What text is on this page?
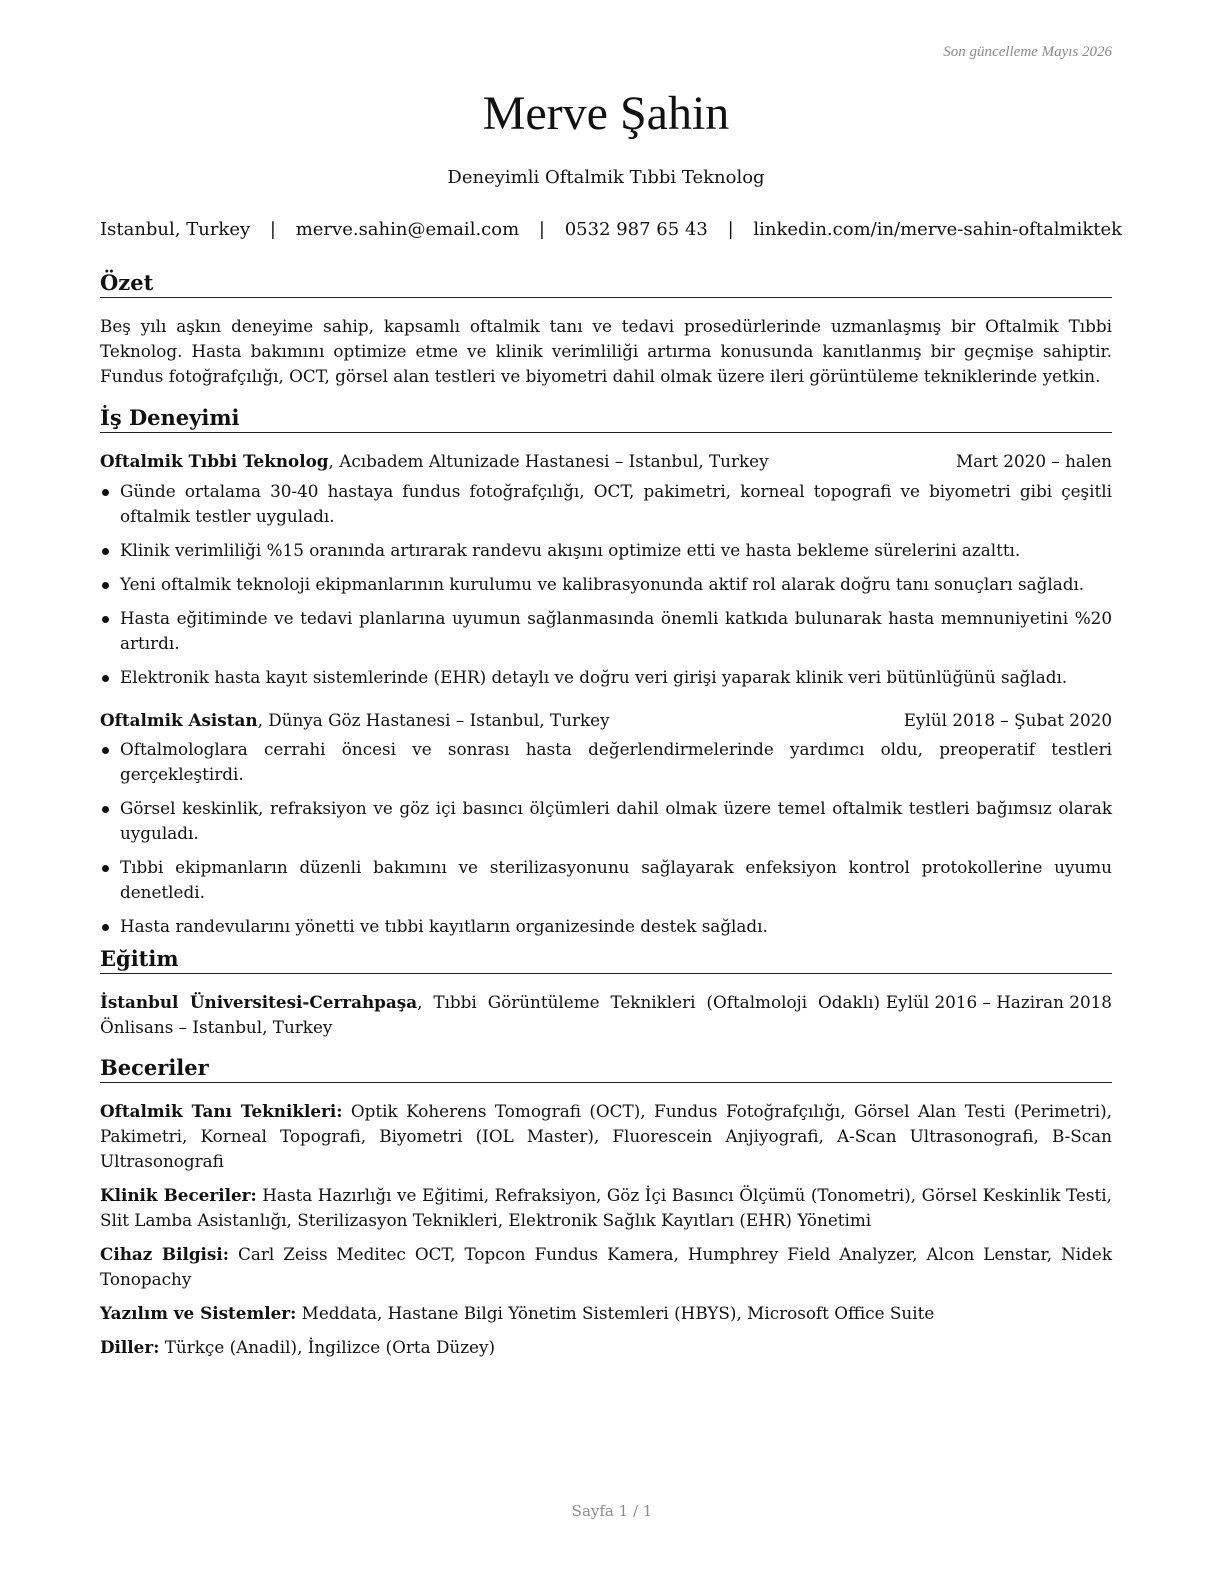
Son güncelleme Mayıs 2026
Merve Şahin
Deneyimli Oftalmik Tıbbi Teknolog
Istanbul, Turkey | merve.sahin@email.com | 0532 987 65 43 | linkedin.com/in/merve-sahin-oftalmiktek
Özet
Beş yılı aşkın deneyime sahip, kapsamlı oftalmik tanı ve tedavi prosedürlerinde uzmanlaşmış bir Oftalmik Tıbbi Teknolog. Hasta bakımını optimize etme ve klinik verimliliği artırma konusunda kanıtlanmış bir geçmişe sahiptir. Fundus fotoğrafçılığı, OCT, görsel alan testleri ve biyometri dahil olmak üzere ileri görüntüleme tekniklerinde yetkin.
İş Deneyimi
Oftalmik Tıbbi Teknolog, Acıbadem Altunizade Hastanesi – Istanbul, Turkey	Mart 2020 – halen
Günde ortalama 30-40 hastaya fundus fotoğrafçılığı, OCT, pakimetri, korneal topografi ve biyometri gibi çeşitli oftalmik testler uyguladı.
Klinik verimliliği %15 oranında artırarak randevu akışını optimize etti ve hasta bekleme sürelerini azalttı.
Yeni oftalmik teknoloji ekipmanlarının kurulumu ve kalibrasyonunda aktif rol alarak doğru tanı sonuçları sağladı.
Hasta eğitiminde ve tedavi planlarına uyumun sağlanmasında önemli katkıda bulunarak hasta memnuniyetini %20 artırdı.
Elektronik hasta kayıt sistemlerinde (EHR) detaylı ve doğru veri girişi yaparak klinik veri bütünlüğünü sağladı.
Oftalmik Asistan, Dünya Göz Hastanesi – Istanbul, Turkey	Eylül 2018 – Şubat 2020
Oftalmologlara cerrahi öncesi ve sonrası hasta değerlendirmelerinde yardımcı oldu, preoperatif testleri gerçekleştirdi.
Görsel keskinlik, refraksiyon ve göz içi basıncı ölçümleri dahil olmak üzere temel oftalmik testleri bağımsız olarak uyguladı.
Tıbbi ekipmanların düzenli bakımını ve sterilizasyonunu sağlayarak enfeksiyon kontrol protokollerine uyumu denetledi.
Hasta randevularını yönetti ve tıbbi kayıtların organizesinde destek sağladı.
Eğitim
İstanbul Üniversitesi-Cerrahpaşa, Tıbbi Görüntüleme Teknikleri (Oftalmoloji Odaklı) Önlisans – Istanbul, Turkey
Eylül 2016 – Haziran 2018
Beceriler
Oftalmik Tanı Teknikleri: Optik Koherens Tomografi (OCT), Fundus Fotoğrafçılığı, Görsel Alan Testi (Perimetri), Pakimetri, Korneal Topografi, Biyometri (IOL Master), Fluorescein Anjiyografi, A-Scan Ultrasonografi, B-Scan Ultrasonografi
Klinik Beceriler: Hasta Hazırlığı ve Eğitimi, Refraksiyon, Göz İçi Basıncı Ölçümü (Tonometri), Görsel Keskinlik Testi, Slit Lamba Asistanlığı, Sterilizasyon Teknikleri, Elektronik Sağlık Kayıtları (EHR) Yönetimi
Cihaz Bilgisi: Carl Zeiss Meditec OCT, Topcon Fundus Kamera, Humphrey Field Analyzer, Alcon Lenstar, Nidek Tonopachy
Yazılım ve Sistemler: Meddata, Hastane Bilgi Yönetim Sistemleri (HBYS), Microsoft Office Suite
Diller: Türkçe (Anadil), İngilizce (Orta Düzey)
Sayfa 1 / 1
